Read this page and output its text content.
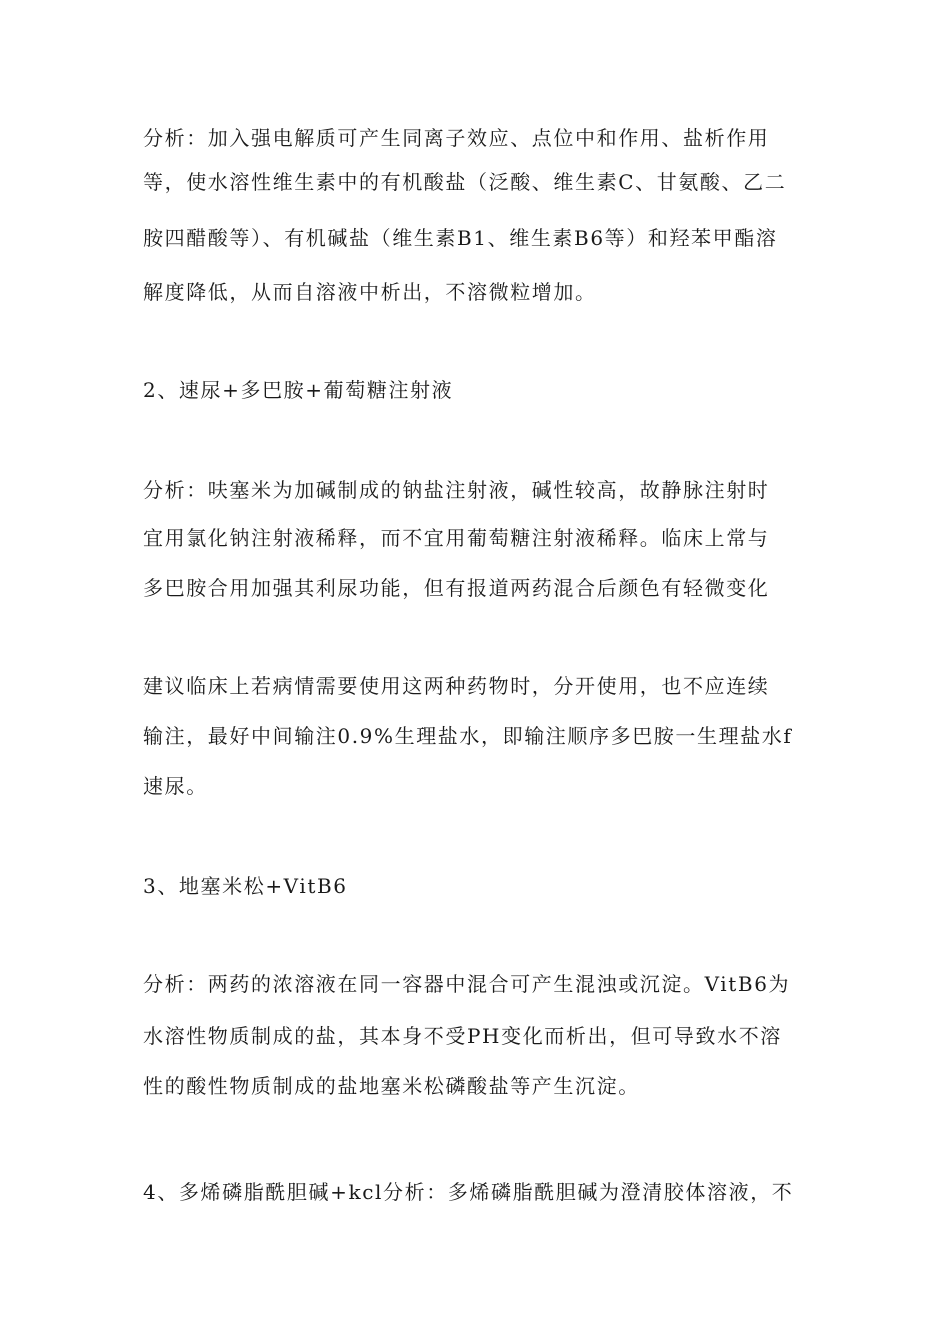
分析：加入强电解质可产生同离子效应、点位中和作用、盐析作用
等，使水溶性维生素中的有机酸盐（泛酸、维生素C、甘氨酸、乙二
胺四醋酸等）、有机碱盐（维生素B1、维生素B6等）和羟苯甲酯溶
解度降低，从而自溶液中析出，不溶微粒增加。
2、速尿+多巴胺+葡萄糖注射液
分析：呋塞米为加碱制成的钠盐注射液，碱性较高，故静脉注射时
宜用氯化钠注射液稀释，而不宜用葡萄糖注射液稀释。临床上常与
多巴胺合用加强其利尿功能，但有报道两药混合后颜色有轻微变化
建议临床上若病情需要使用这两种药物时，分开使用，也不应连续
输注，最好中间输注0.9%生理盐水，即输注顺序多巴胺一生理盐水f
速尿。
3、地塞米松+VitB6
分析：两药的浓溶液在同一容器中混合可产生混浊或沉淀。VitB6为
水溶性物质制成的盐，其本身不受PH变化而析出，但可导致水不溶
性的酸性物质制成的盐地塞米松磷酸盐等产生沉淀。
4、多烯磷脂酰胆碱+kcl分析：多烯磷脂酰胆碱为澄清胶体溶液，不
